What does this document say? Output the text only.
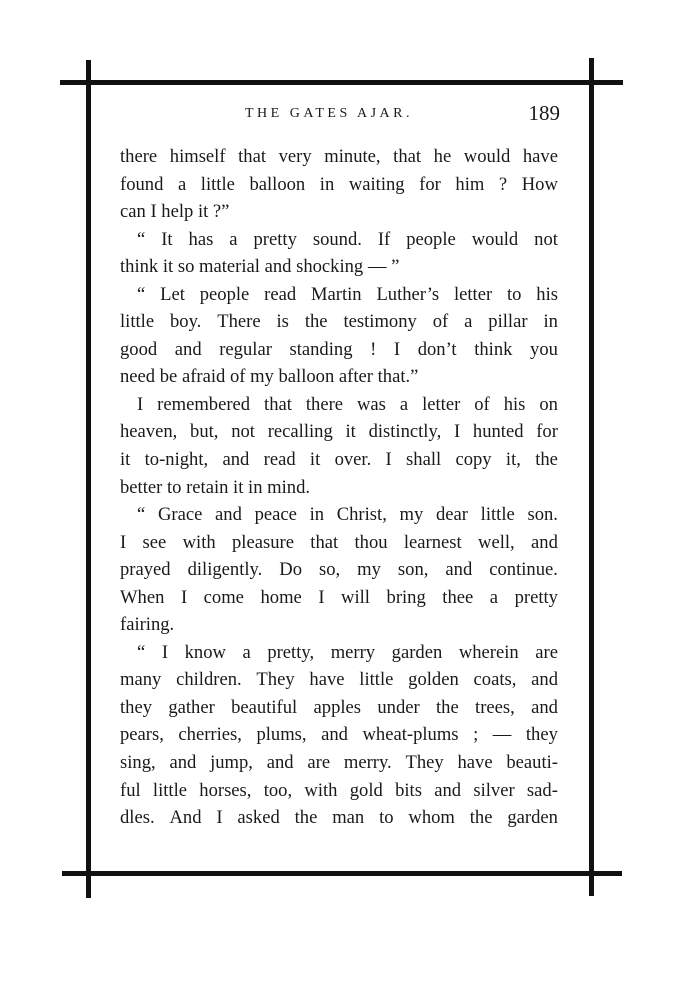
THE GATES AJAR.	189
there himself that very minute, that he would have
found a little balloon in waiting for him ? How
can I help it ?”
“ It has a pretty sound. If people would not
think it so material and shocking — ”
“ Let people read Martin Luther’s letter to his
little boy. There is the testimony of a pillar in
good and regular standing ! I don’t think you
need be afraid of my balloon after that.”
I remembered that there was a letter of his on
heaven, but, not recalling it distinctly, I hunted for
it to-night, and read it over. I shall copy it, the
better to retain it in mind.
“ Grace and peace in Christ, my dear little son.
I see with pleasure that thou learnest well, and
prayed diligently. Do so, my son, and continue.
When I come home I will bring thee a pretty
fairing.
“ I know a pretty, merry garden wherein are
many children. They have little golden coats, and
they gather beautiful apples under the trees, and
pears, cherries, plums, and wheat-plums ; — they
sing, and jump, and are merry. They have beauti-
ful little horses, too, with gold bits and silver sad-
dles. And I asked the man to whom the garden
